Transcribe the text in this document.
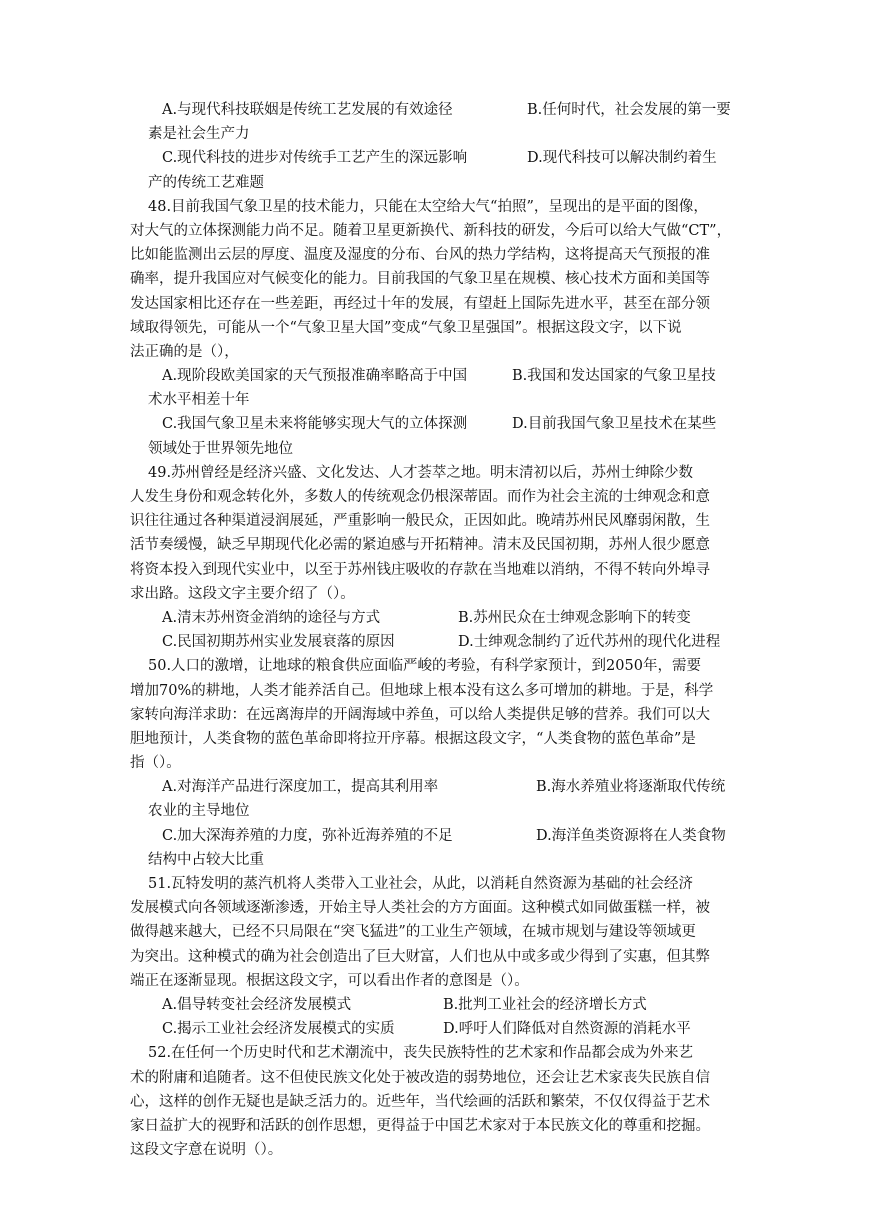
A.与现代科技联姻是传统工艺发展的有效途径	B.任何时代，社会发展的第一要
素是社会生产力
C.现代科技的进步对传统手工艺产生的深远影响	D.现代科技可以解决制约着生
产的传统工艺难题
48.目前我国气象卫星的技术能力，只能在太空给大气“拍照”，呈现出的是平面的图像，
对大气的立体探测能力尚不足。随着卫星更新换代、新科技的研发，今后可以给大气做“CT”，
比如能监测出云层的厚度、温度及湿度的分布、台风的热力学结构，这将提高天气预报的准
确率，提升我国应对气候变化的能力。目前我国的气象卫星在规模、核心技术方面和美国等
发达国家相比还存在一些差距，再经过十年的发展，有望赶上国际先进水平，甚至在部分领
域取得领先，可能从一个“气象卫星大国”变成“气象卫星强国”。根据这段文字，以下说
法正确的是（），
A.现阶段欧美国家的天气预报准确率略高于中国	B.我国和发达国家的气象卫星技
术水平相差十年
C.我国气象卫星未来将能够实现大气的立体探测	D.目前我国气象卫星技术在某些
领域处于世界领先地位
49.苏州曾经是经济兴盛、文化发达、人才荟萃之地。明末清初以后，苏州士绅除少数
人发生身份和观念转化外，多数人的传统观念仍根深蒂固。而作为社会主流的士绅观念和意
识往往通过各种渠道浸润展延，严重影响一般民众，正因如此。晚靖苏州民风靡弱闲散，生
活节奏缓慢，缺乏早期现代化必需的紧迫感与开拓精神。清末及民国初期，苏州人很少愿意
将资本投入到现代实业中，以至于苏州钱庄吸收的存款在当地难以消纳，不得不转向外埠寻
求出路。这段文字主要介绍了（）。
A.清末苏州资金消纳的途径与方式	B.苏州民众在士绅观念影响下的转变
C.民国初期苏州实业发展衰落的原因	D.士绅观念制约了近代苏州的现代化进程
50.人口的激增，让地球的粮食供应面临严峻的考验，有科学家预计，到2050年，需要
增加70%的耕地，人类才能养活自己。但地球上根本没有这么多可增加的耕地。于是，科学
家转向海洋求助：在远离海岸的开阔海域中养鱼，可以给人类提供足够的营养。我们可以大
胆地预计，人类食物的蓝色革命即将拉开序幕。根据这段文字，“人类食物的蓝色革命”是
指（）。
A.对海洋产品进行深度加工，提高其利用率	B.海水养殖业将逐渐取代传统
农业的主导地位
C.加大深海养殖的力度，弥补近海养殖的不足	D.海洋鱼类资源将在人类食物
结构中占较大比重
51.瓦特发明的蒸汽机将人类带入工业社会，从此，以消耗自然资源为基础的社会经济
发展模式向各领域逐渐渗透，开始主导人类社会的方方面面。这种模式如同做蛋糕一样，被
做得越来越大，已经不只局限在“突飞猛进”的工业生产领域，在城市规划与建设等领域更
为突出。这种模式的确为社会创造出了巨大财富，人们也从中或多或少得到了实惠，但其弊
端正在逐渐显现。根据这段文字，可以看出作者的意图是（）。
A.倡导转变社会经济发展模式	B.批判工业社会的经济增长方式
C.揭示工业社会经济发展模式的实质	D.呼吁人们降低对自然资源的消耗水平
52.在任何一个历史时代和艺术潮流中，丧失民族特性的艺术家和作品都会成为外来艺
术的附庸和追随者。这不但使民族文化处于被改造的弱势地位，还会让艺术家丧失民族自信
心，这样的创作无疑也是缺乏活力的。近些年，当代绘画的活跃和繁荣，不仅仅得益于艺术
家日益扩大的视野和活跃的创作思想，更得益于中国艺术家对于本民族文化的尊重和挖掘。
这段文字意在说明（）。
